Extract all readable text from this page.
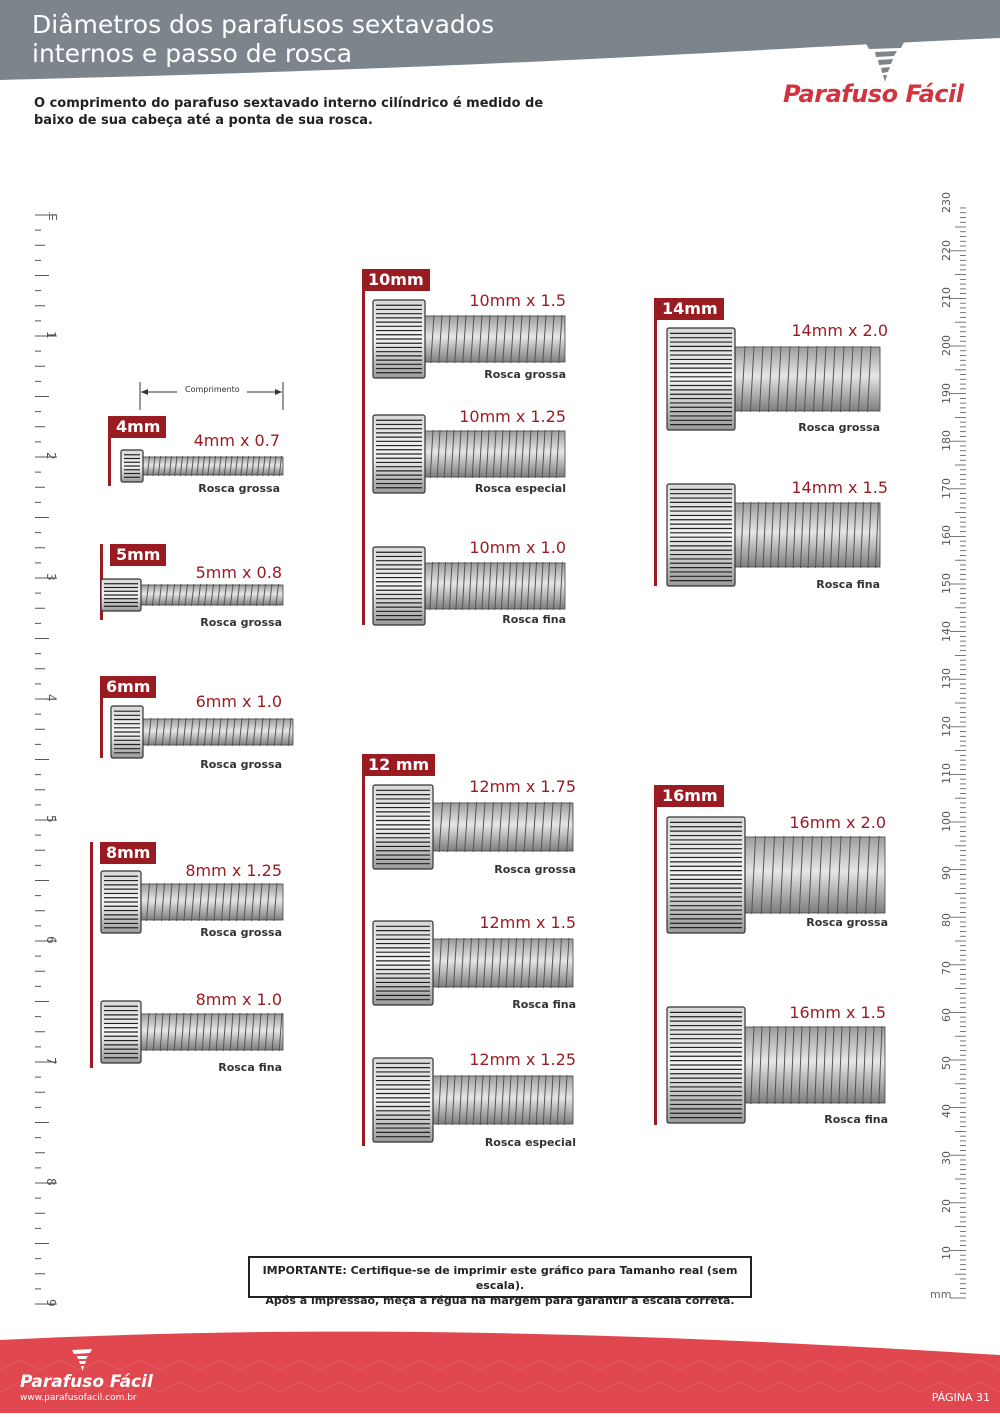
Diâmetros dos parafusos sextavados
internos e passo de rosca
O comprimento do parafuso sextavado interno cilíndrico é medido de baixo de sua cabeça até a ponta de sua rosca.
Parafuso Fácil
in
1
2
3
4
5
6
7
8
9
mm
230
220
210
200
190
180
170
160
150
140
130
120
110
100
90
80
70
60
50
40
30
20
10
Comprimento
4mm
4mm x 0.7
Rosca grossa
5mm
5mm x 0.8
Rosca grossa
6mm
6mm x 1.0
Rosca grossa
8mm
8mm x 1.25
Rosca grossa
8mm x 1.0
Rosca fina
10mm
10mm x 1.5
Rosca grossa
10mm x 1.25
Rosca especial
10mm x 1.0
Rosca fina
12 mm
12mm x 1.75
Rosca grossa
12mm x 1.5
Rosca fina
12mm x 1.25
Rosca especial
14mm
14mm x 2.0
Rosca grossa
14mm x 1.5
Rosca fina
16mm
16mm x 2.0
Rosca grossa
16mm x 1.5
Rosca fina
IMPORTANTE: Certifique-se de imprimir este gráfico para Tamanho real (sem escala).
Após a impressão, meça a régua na margem para garantir a escala correta.
Parafuso Fácil
www.parafusofacil.com.br	PÁGINA 31
